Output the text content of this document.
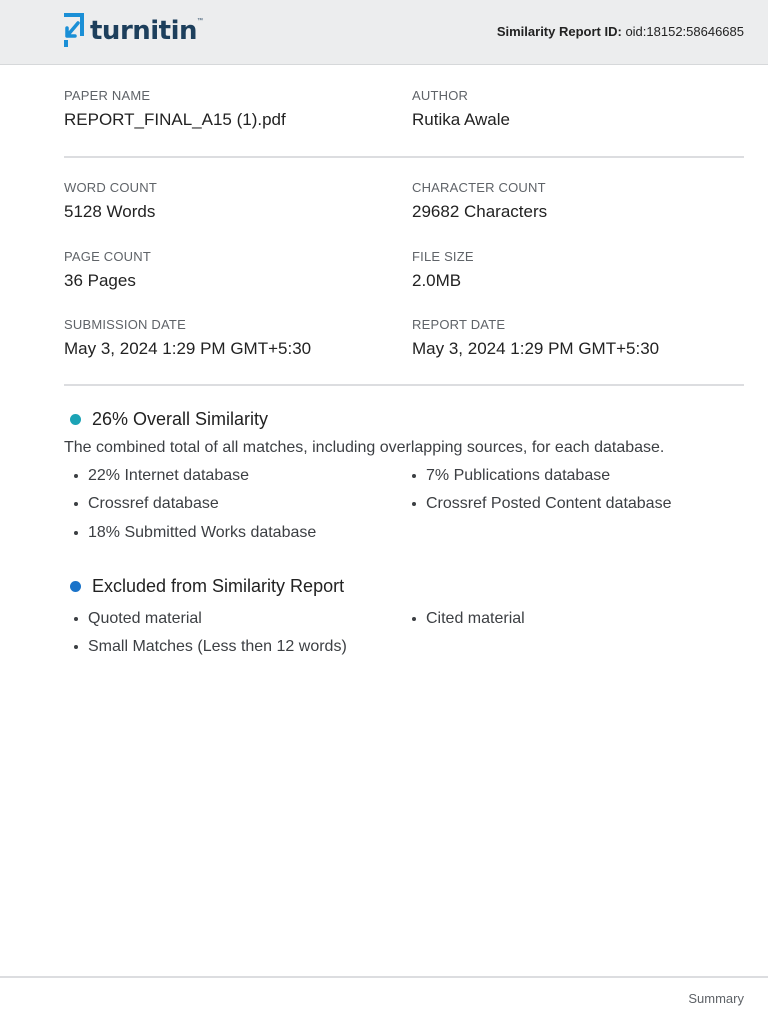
turnitin ™
Similarity Report ID: oid:18152:58646685
PAPER NAME
REPORT_FINAL_A15 (1).pdf
AUTHOR
Rutika Awale
WORD COUNT
5128 Words
CHARACTER COUNT
29682 Characters
PAGE COUNT
36 Pages
FILE SIZE
2.0MB
SUBMISSION DATE
May 3, 2024 1:29 PM GMT+5:30
REPORT DATE
May 3, 2024 1:29 PM GMT+5:30
26% Overall Similarity
The combined total of all matches, including overlapping sources, for each database.
22% Internet database	7% Publications database
Crossref database	Crossref Posted Content database
18% Submitted Works database
Excluded from Similarity Report
Quoted material	Cited material
Small Matches (Less then 12 words)
Summary
